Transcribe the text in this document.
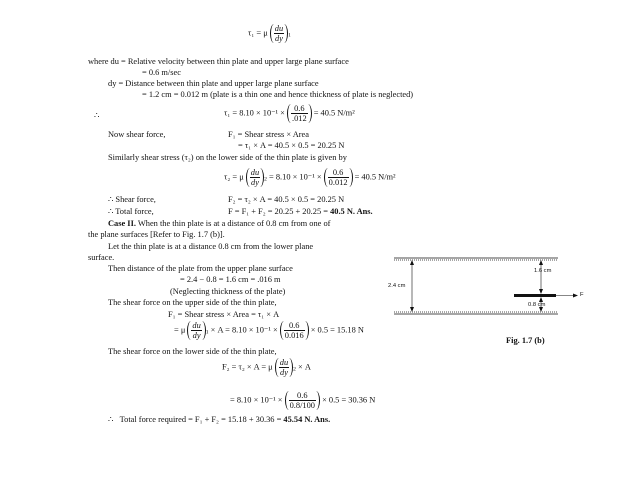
τ₁ = μ $\frac{du}{dy} _1$
where du = Relative velocity between thin plate and upper large plane surface
= 0.6 m/sec
dy = Distance between thin plate and upper large plane surface
= 1.2 cm = 0.012 m (plate is a thin one and hence thickness of plate is neglected)
∴	$\tau_1 = 8.10 \times 10^{-1} \times \frac{0.6}{.012} = 40.5$ N/m²
Now shear force,	F₁ = Shear stress × Area
= τ₁ × A = 40.5 × 0.5 = 20.25 N
Similarly shear stress (τ₂) on the lower side of the thin plate is given by
τ₂ = μ $\frac{du}{dy} _2 = 8.10 \times 10^{-1} \times \frac{0.6}{0.012} = 40.5$ N/m²
∴ Shear force,	F₂ = τ₂ × A = 40.5 × 0.5 = 20.25 N
∴ Total force,	F = F₁ + F₂ = 20.25 + 20.25 = 40.5 N. Ans.
Case II. When the thin plate is at a distance of 0.8 cm from one of
the plane surfaces [Refer to Fig. 1.7 (b)].
Let the thin plate is at a distance 0.8 cm from the lower plane
surface.
Then distance of the plate from the upper plane surface
= 2.4 − 0.8 = 1.6 cm = .016 m
(Neglecting thickness of the plate)
The shear force on the upper side of the thin plate,
F₁ = Shear stress × Area = τ₁ × A
= μ $\frac{du}{dy} _1 \times A = 8.10 \times 10^{-1} \times \frac{0.6}{0.016} \times 0.5 = 15.18$ N
The shear force on the lower side of the thin plate,
F₂ = τ₂ × A = μ $\frac{du}{dy} _2 \times A$
= $8.10 \times 10^{-1} \times \frac{0.6}{0.8/100} \times 0.5 = 30.36$ N
∴ Total force required = F₁ + F₂ = 15.18 + 30.36 = 45.54 N. Ans.
1.6 cm
2.4 cm
0.8 cm
F
Fig. 1.7 (b)
